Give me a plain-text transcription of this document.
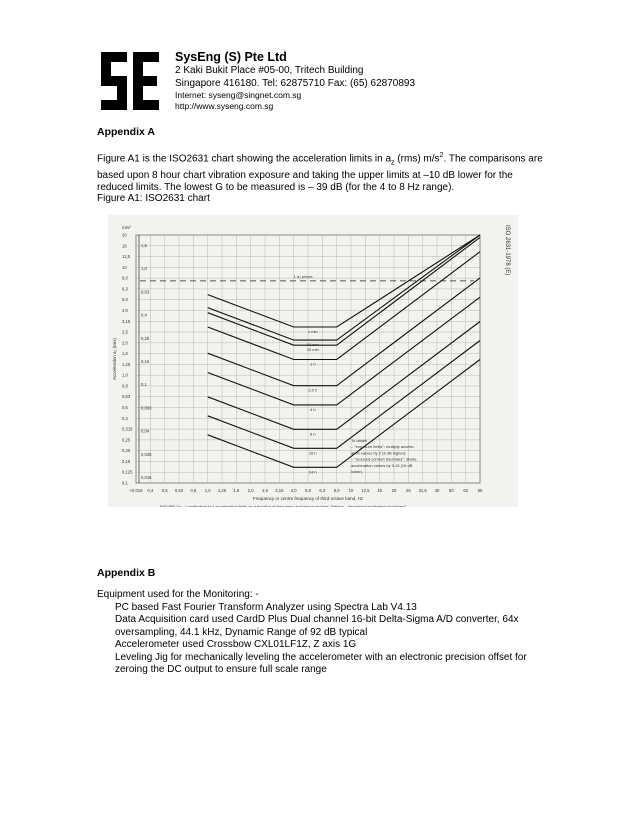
SysEng (S) Pte Ltd
2 Kaki Bukit Place #05-00, Tritech Building
Singapore 416180. Tel: 62875710 Fax: (65) 62870893
Internet: syseng@singnet.com.sg
http://www.syseng.com.sg
Appendix A
Figure A1 is the ISO2631 chart showing the acceleration limits in $a_z$ (rms) $m/s^2$. The comparisons are based upon 8 hour chart vibration exposure and taking the upper limits at –10 dB lower for the reduced limits. The lowest G to be measured is – 39 dB (for the 4 to 8 Hz range).
Figure A1: ISO2631 chart
<0,016 0,4 0,5 0,63 0,8 1,0 1,25 1,6 2,0 2,5 3,15 4,0 5,0 6,3 8,0 10 12,5 16 20 25 31,5 40 50 63 80
20
16
12,5
10
8,0
6,3
5,0
4,0
3,15
2,5
2,0
1,6
1,25
1,0
0,8
0,63
0,5
0,4
0,315
0,25
0,20
0,16
0,125
0,1
1,6
1,0
0,63
0,4
0,25
0,16
0,1
0,063
0,04
0,025
0,016
1 min
16 min
25 min
1 h
2,5 h
4 h
8 h
16 h
24 h
1 a₂ prices
m/s²
Acceleration a₂ (rms)
Frequency or centre frequency of third-octave band, Hz
FIGURE 2a – Longitudinal (a₂) acceleration limits as a function of frequency and exposure time; "fatigue – decreased proficiency boundary"
ISO 2631-1978 (E)
To obtain
– "exposure limits": multiply acceler-
ation values by 2 (6 dB higher);
– "reduced comfort boundary": divide
acceleration values by 3,15 (10 dB
lower).
Appendix B
Equipment used for the Monitoring: -
PC based Fast Fourier Transform Analyzer using Spectra Lab V4.13
Data Acquisition card used CardD Plus Dual channel 16-bit Delta-Sigma A/D converter, 64x
oversampling, 44.1 kHz, Dynamic Range of 92 dB typical
Accelerometer used Crossbow CXL01LF1Z, Z axis 1G
Leveling Jig for mechanically leveling the accelerometer with an electronic precision offset for
zeroing the DC output to ensure full scale range
